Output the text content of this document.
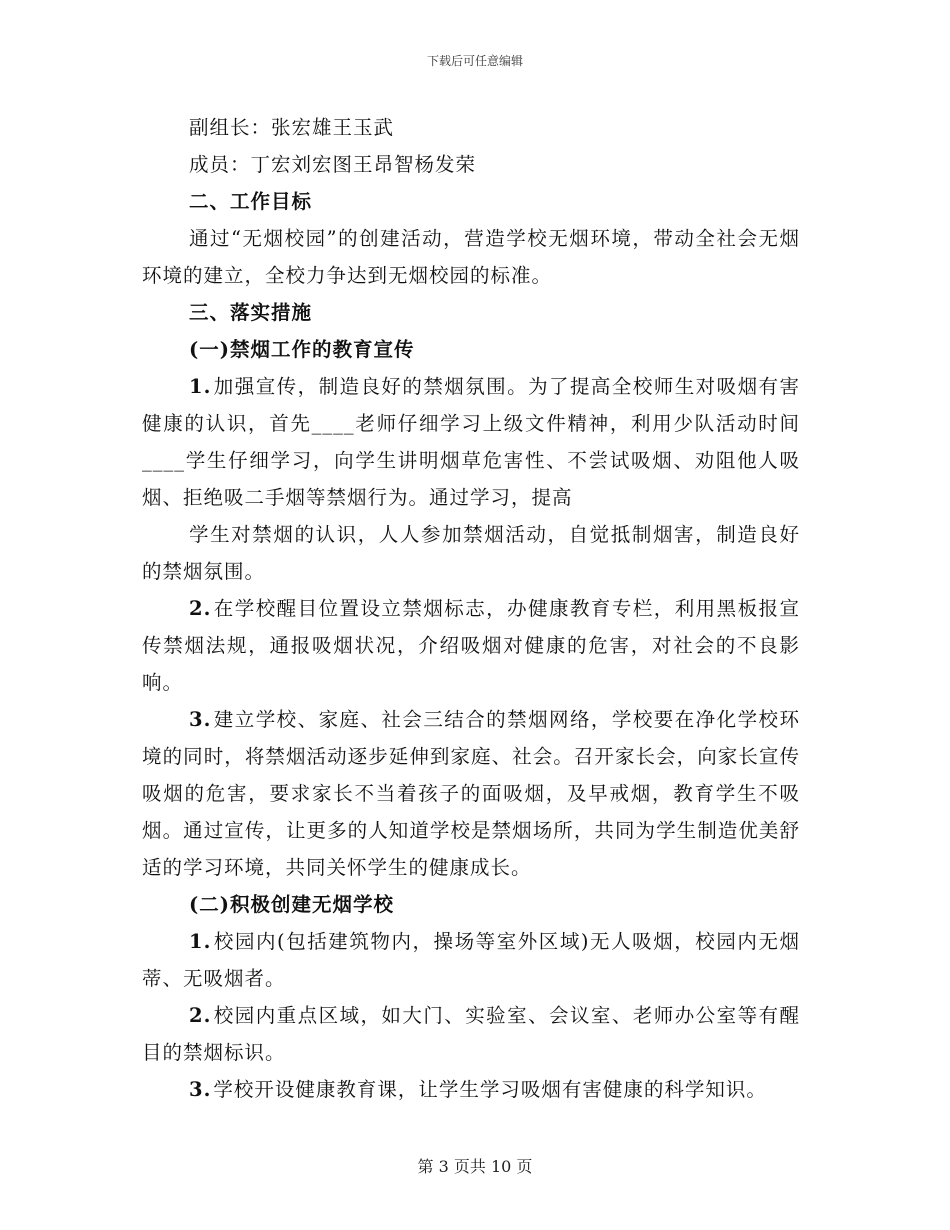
下载后可任意编辑

副组长：张宏雄王玉武

成员：丁宏刘宏图王昂智杨发荣

二、工作目标

通过“无烟校园”的创建活动，营造学校无烟环境，带动全社会无烟环境的建立，全校力争达到无烟校园的标准。

三、落实措施

(一)禁烟工作的教育宣传

1. 加强宣传，制造良好的禁烟氛围。为了提高全校师生对吸烟有害健康的认识，首先____老师仔细学习上级文件精神，利用少队活动时间____学生仔细学习，向学生讲明烟草危害性、不尝试吸烟、劝阻他人吸烟、拒绝吸二手烟等禁烟行为。通过学习，提高

学生对禁烟的认识，人人参加禁烟活动，自觉抵制烟害，制造良好的禁烟氛围。

2. 在学校醒目位置设立禁烟标志，办健康教育专栏，利用黑板报宣传禁烟法规，通报吸烟状况，介绍吸烟对健康的危害，对社会的不良影响。

3. 建立学校、家庭、社会三结合的禁烟网络，学校要在净化学校环境的同时，将禁烟活动逐步延伸到家庭、社会。召开家长会，向家长宣传吸烟的危害，要求家长不当着孩子的面吸烟，及早戒烟，教育学生不吸烟。通过宣传，让更多的人知道学校是禁烟场所，共同为学生制造优美舒适的学习环境，共同关怀学生的健康成长。

(二)积极创建无烟学校

1. 校园内(包括建筑物内，操场等室外区域)无人吸烟，校园内无烟蒂、无吸烟者。

2. 校园内重点区域，如大门、实验室、会议室、老师办公室等有醒目的禁烟标识。

3. 学校开设健康教育课，让学生学习吸烟有害健康的科学知识。

第 3 页共 10 页
